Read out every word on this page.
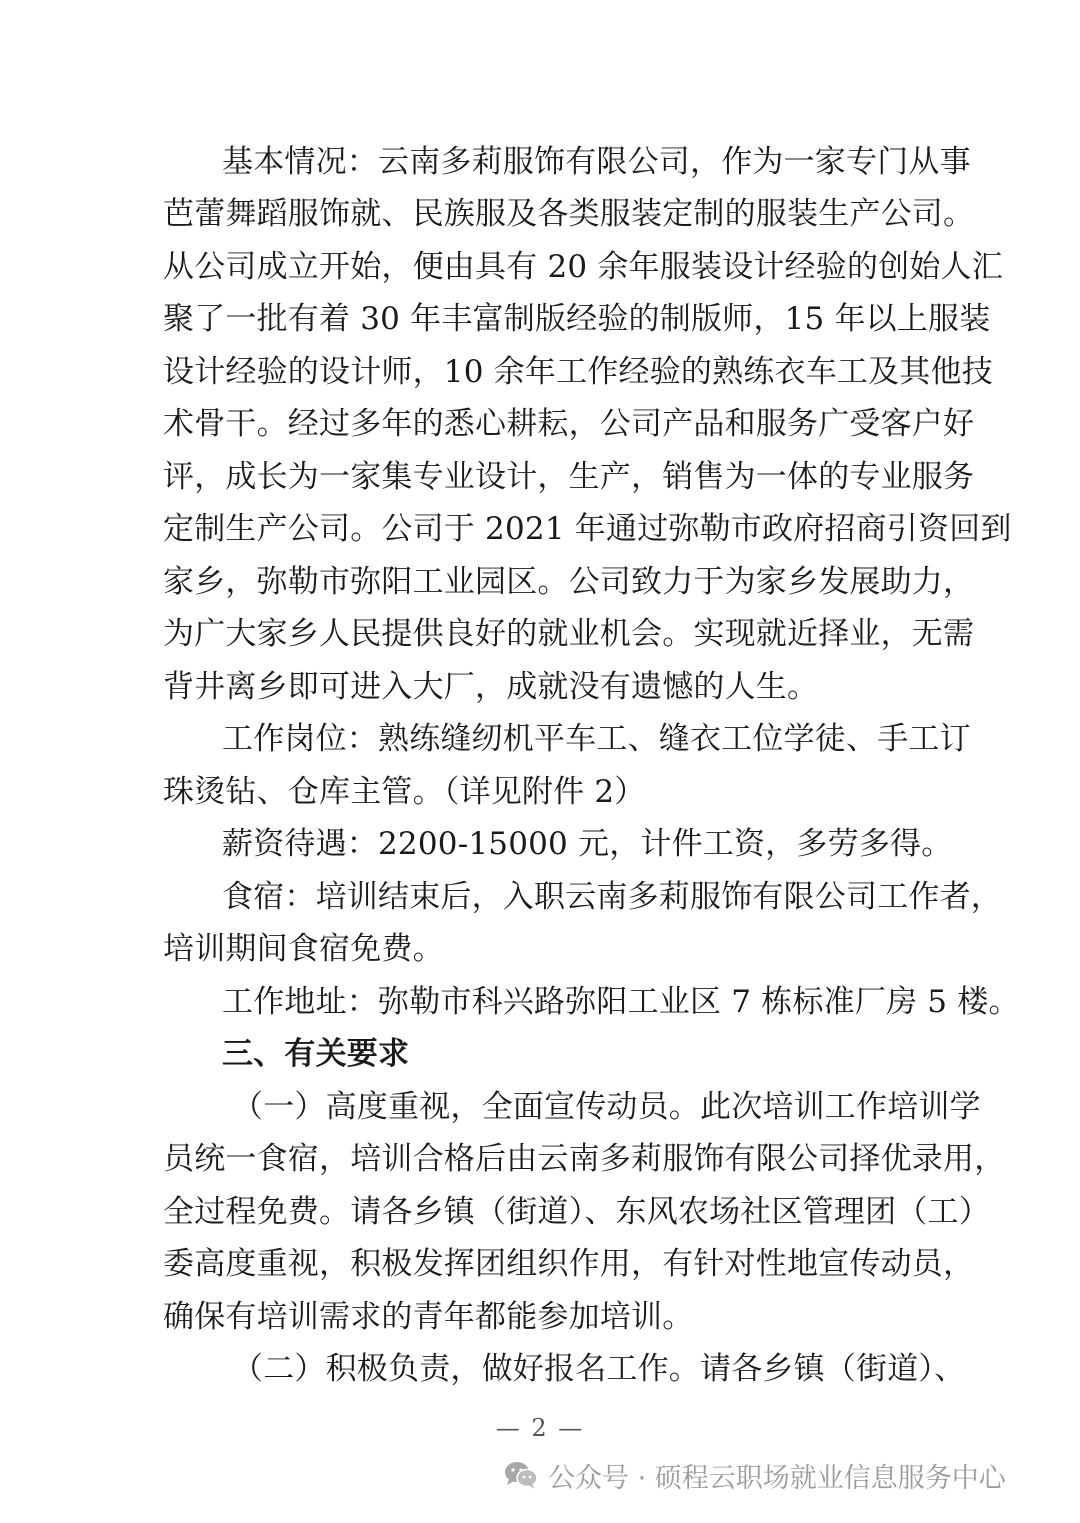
基本情况：云南多莉服饰有限公司，作为一家专门从事
芭蕾舞蹈服饰就、民族服及各类服装定制的服装生产公司。
从公司成立开始，便由具有 20 余年服装设计经验的创始人汇
聚了一批有着 30 年丰富制版经验的制版师，15 年以上服装
设计经验的设计师，10 余年工作经验的熟练衣车工及其他技
术骨干。经过多年的悉心耕耘，公司产品和服务广受客户好
评，成长为一家集专业设计，生产，销售为一体的专业服务
定制生产公司。公司于 2021 年通过弥勒市政府招商引资回到
家乡，弥勒市弥阳工业园区。公司致力于为家乡发展助力，
为广大家乡人民提供良好的就业机会。实现就近择业，无需
背井离乡即可进入大厂，成就没有遗憾的人生。
工作岗位：熟练缝纫机平车工、缝衣工位学徒、手工订
珠烫钻、仓库主管。（详见附件 2）
薪资待遇：2200-15000 元，计件工资，多劳多得。
食宿：培训结束后，入职云南多莉服饰有限公司工作者，
培训期间食宿免费。
工作地址：弥勒市科兴路弥阳工业区 7 栋标准厂房 5 楼。
三、有关要求
（一）高度重视，全面宣传动员。此次培训工作培训学
员统一食宿，培训合格后由云南多莉服饰有限公司择优录用，
全过程免费。请各乡镇（街道）、东风农场社区管理团（工）
委高度重视，积极发挥团组织作用，有针对性地宣传动员，
确保有培训需求的青年都能参加培训。
（二）积极负责，做好报名工作。请各乡镇（街道）、
— 2 —
公众号 · 硕程云职场就业信息服务中心
